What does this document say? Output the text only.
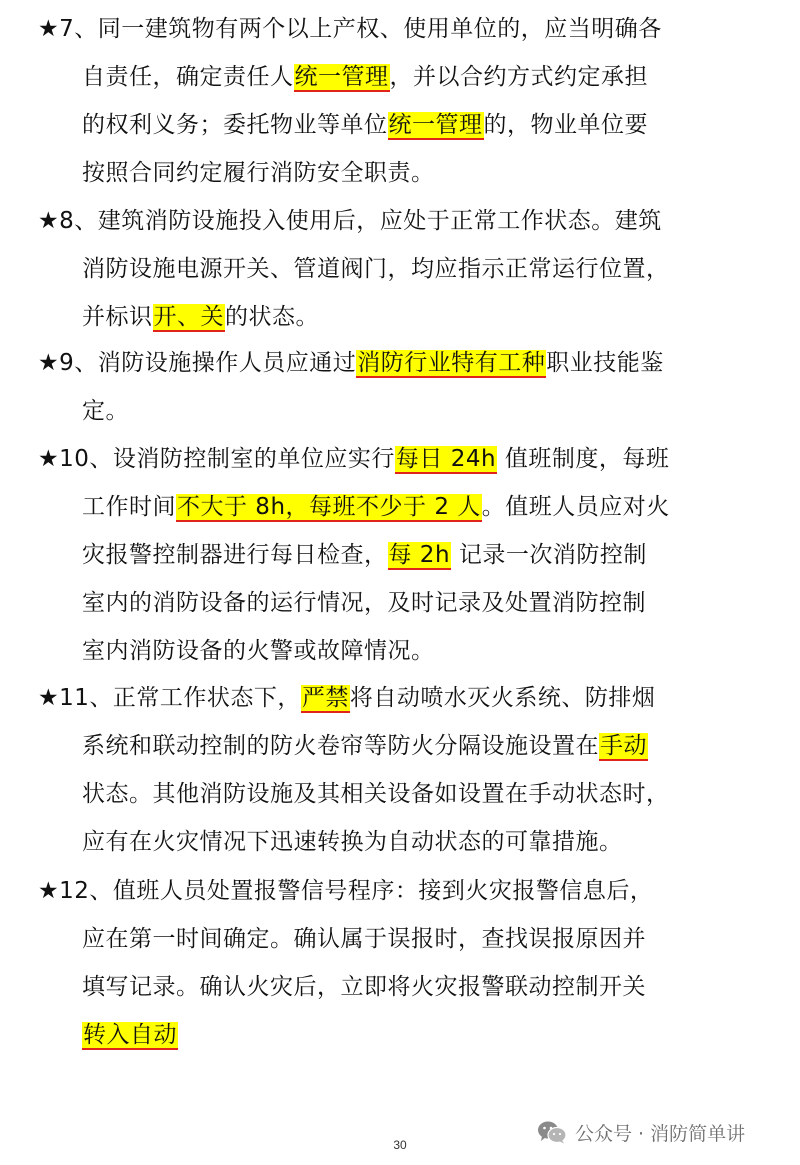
★7、同一建筑物有两个以上产权、使用单位的，应当明确各
自责任，确定责任人统一管理，并以合约方式约定承担
的权利义务；委托物业等单位统一管理的，物业单位要
按照合同约定履行消防安全职责。
★8、建筑消防设施投入使用后，应处于正常工作状态。建筑
消防设施电源开关、管道阀门，均应指示正常运行位置，
并标识开、关的状态。
★9、消防设施操作人员应通过消防行业特有工种职业技能鉴
定。
★10、设消防控制室的单位应实行每日 24h 值班制度，每班
工作时间不大于 8h，每班不少于 2 人。值班人员应对火
灾报警控制器进行每日检查，每 2h 记录一次消防控制
室内的消防设备的运行情况，及时记录及处置消防控制
室内消防设备的火警或故障情况。
★11、正常工作状态下，严禁将自动喷水灭火系统、防排烟
系统和联动控制的防火卷帘等防火分隔设施设置在手动
状态。其他消防设施及其相关设备如设置在手动状态时，
应有在火灾情况下迅速转换为自动状态的可靠措施。
★12、值班人员处置报警信号程序：接到火灾报警信息后，
应在第一时间确定。确认属于误报时，查找误报原因并
填写记录。确认火灾后，立即将火灾报警联动控制开关
转入自动
30
公众号 · 消防简单讲
